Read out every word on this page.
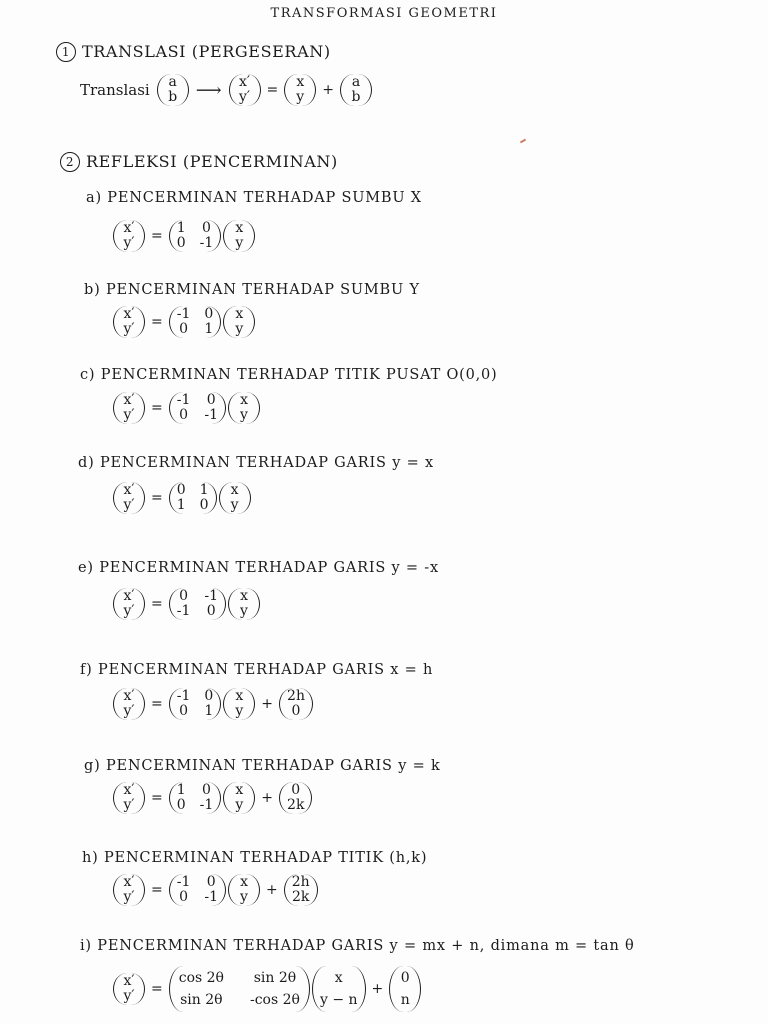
TRANSFORMASI GEOMETRI
1 TRANSLASI (PERGESERAN)
Translasi a
b ⟶ x′
y′ = x
y + a
b
2 REFLEKSI (PENCERMINAN)
a) PENCERMINAN TERHADAP SUMBU X
x′
y′ = 1 0
0 -1
x
y
b) PENCERMINAN TERHADAP SUMBU Y
x′
y′ = -1 0
0 1
x
y
c) PENCERMINAN TERHADAP TITIK PUSAT O(0,0)
x′
y′ = -1 0
0 -1
x
y
d) PENCERMINAN TERHADAP GARIS y = x
x′
y′ = 0 1
1 0
x
y
e) PENCERMINAN TERHADAP GARIS y = -x
x′
y′ = 0 -1
-1 0
x
y
f) PENCERMINAN TERHADAP GARIS x = h
x′
y′ = -1 0
0 1
x
y + 2h
0
g) PENCERMINAN TERHADAP GARIS y = k
x′
y′ = 1 0
0 -1
x
y + 0
2k
h) PENCERMINAN TERHADAP TITIK (h,k)
x′
y′ = -1 0
0 -1
x
y + 2h
2k
i) PENCERMINAN TERHADAP GARIS y = mx + n, dimana m = tan θ
x′
y′ =
cos 2θ sin 2θ
sin 2θ -cos 2θ
x
y − n
+
0
n
